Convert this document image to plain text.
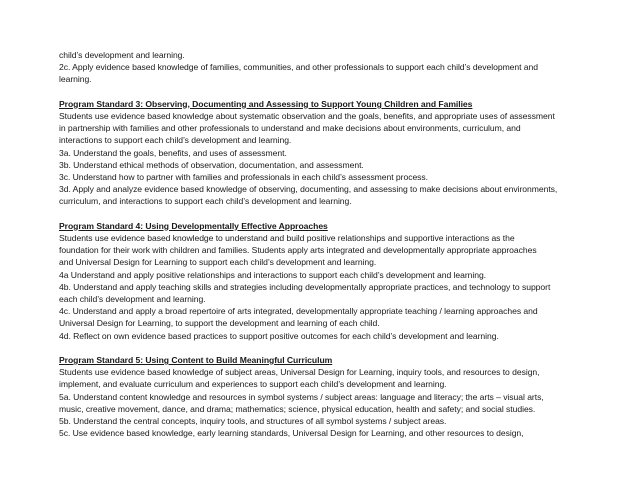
child’s development and learning.
2c. Apply evidence based knowledge of families, communities, and other professionals to support each child’s development and
learning.
Program Standard 3: Observing, Documenting and Assessing to Support Young Children and Families
Students use evidence based knowledge about systematic observation and the goals, benefits, and appropriate uses of assessment
in partnership with families and other professionals to understand and make decisions about environments, curriculum, and
interactions to support each child’s development and learning.
3a. Understand the goals, benefits, and uses of assessment.
3b. Understand ethical methods of observation, documentation, and assessment.
3c. Understand how to partner with families and professionals in each child’s assessment process.
3d. Apply and analyze evidence based knowledge of observing, documenting, and assessing to make decisions about environments,
curriculum, and interactions to support each child’s development and learning.
Program Standard 4: Using Developmentally Effective Approaches
Students use evidence based knowledge to understand and build positive relationships and supportive interactions as the
foundation for their work with children and families. Students apply arts integrated and developmentally appropriate approaches
and Universal Design for Learning to support each child’s development and learning.
4a Understand and apply positive relationships and interactions to support each child’s development and learning.
4b. Understand and apply teaching skills and strategies including developmentally appropriate practices, and technology to support
each child’s development and learning.
4c. Understand and apply a broad repertoire of arts integrated, developmentally appropriate teaching / learning approaches and
Universal Design for Learning, to support the development and learning of each child.
4d. Reflect on own evidence based practices to support positive outcomes for each child’s development and learning.
Program Standard 5: Using Content to Build Meaningful Curriculum
Students use evidence based knowledge of subject areas, Universal Design for Learning, inquiry tools, and resources to design,
implement, and evaluate curriculum and experiences to support each child’s development and learning.
5a. Understand content knowledge and resources in symbol systems / subject areas: language and literacy; the arts – visual arts,
music, creative movement, dance, and drama; mathematics; science, physical education, health and safety; and social studies.
5b. Understand the central concepts, inquiry tools, and structures of all symbol systems / subject areas.
5c. Use evidence based knowledge, early learning standards, Universal Design for Learning, and other resources to design,
